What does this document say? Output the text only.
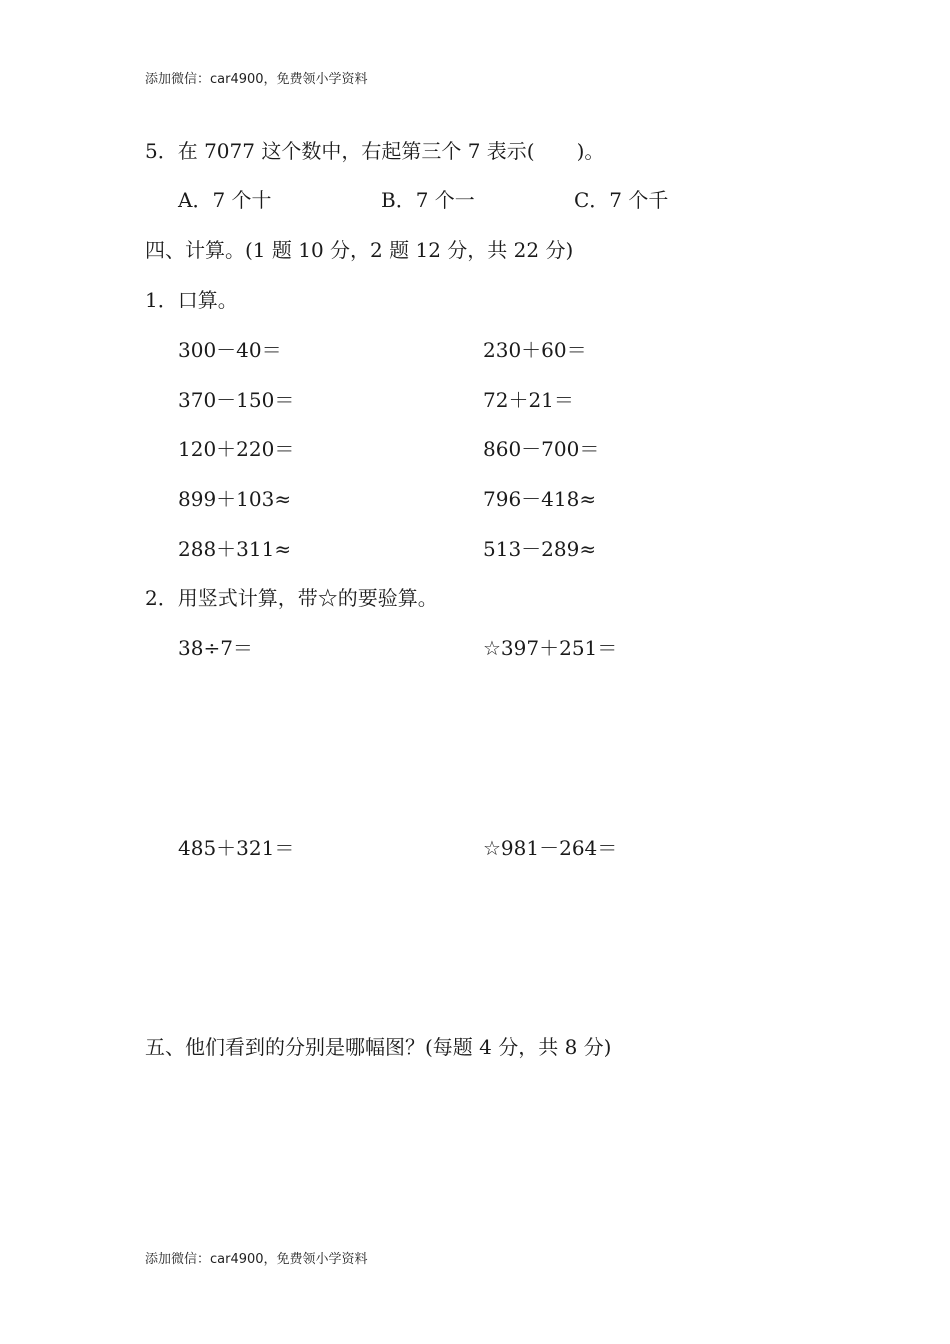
添加微信：car4900，免费领小学资料
5．在 7077 这个数中，右起第三个 7 表示( )。
A．7 个十	B．7 个一	C．7 个千
四、计算。(1 题 10 分，2 题 12 分，共 22 分)
1．口算。
300－40＝	230＋60＝
370－150＝	72＋21＝
120＋220＝	860－700＝
899＋103≈	796－418≈
288＋311≈	513－289≈
2．用竖式计算，带☆的要验算。
38÷7＝	☆397＋251＝
485＋321＝	☆981－264＝
五、他们看到的分别是哪幅图？(每题 4 分，共 8 分)
添加微信：car4900，免费领小学资料
